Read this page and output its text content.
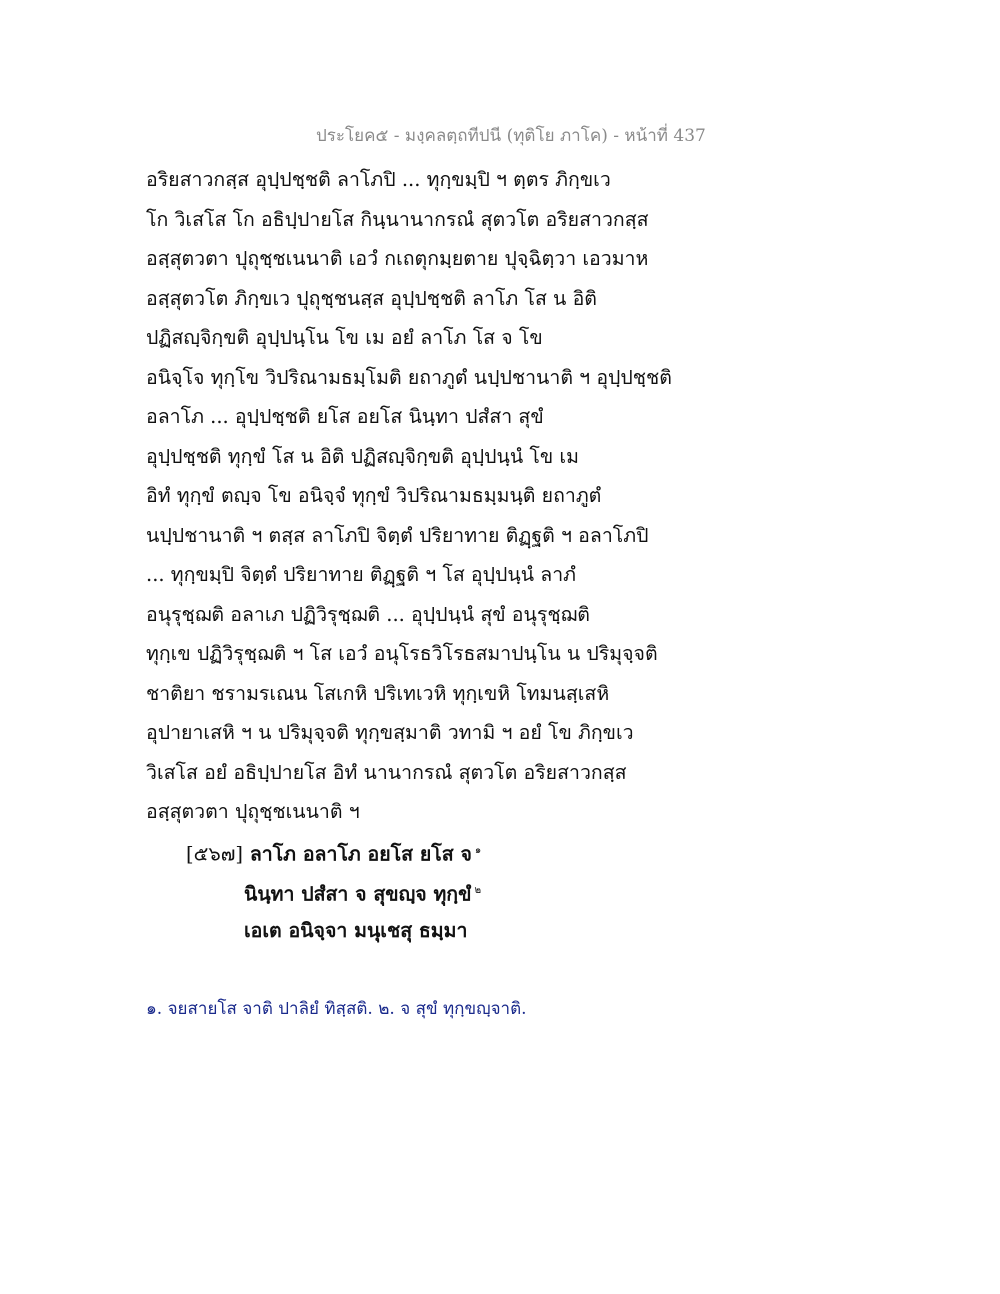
ประโยค๕ - มงฺคลตฺถทีปนี (ทุติโย ภาโค) - หน้าที่ 437
อริยสาวกสฺส อุปฺปชฺชติ ลาโภปิ ... ทุกฺขมฺปิ ฯ ตฺตร ภิกฺขเว
โก วิเสโส โก อธิปฺปายโส กินฺนานากรณํ สุตวโต อริยสาวกสฺส
อสฺสุตวตา ปุถุชฺชเนนาติ เอวํ กเถตุกมฺยตาย ปุจฺฉิตฺวา เอวมาห
อสฺสุตวโต ภิกฺขเว ปุถุชฺชนสฺส อุปฺปชฺชติ ลาโภ โส น อิติ
ปฏิสญฺจิกฺขติ อุปฺปนฺโน โข เม อยํ ลาโภ โส จ โข
อนิจฺโจ ทุกฺโข วิปริณามธมฺโมติ ยถาภูตํ นปฺปชานาติ ฯ อุปฺปชฺชติ
อลาโภ ... อุปฺปชฺชติ ยโส อยโส นินฺทา ปสํสา สุขํ
อุปฺปชฺชติ ทุกฺขํ โส น อิติ ปฏิสญฺจิกฺขติ อุปฺปนฺนํ โข เม
อิทํ ทุกฺขํ ตญฺจ โข อนิจฺจํ ทุกฺขํ วิปริณามธมฺมนฺติ ยถาภูตํ
นปฺปชานาติ ฯ ตสฺส ลาโภปิ จิตฺตํ ปริยาทาย ติฏฺฐติ ฯ อลาโภปิ
... ทุกฺขมฺปิ จิตฺตํ ปริยาทาย ติฏฺฐติ ฯ โส อุปฺปนฺนํ ลาภํ
อนุรุชฺฌติ อลาเภ ปฏิวิรุชฺฌติ ... อุปฺปนฺนํ สุขํ อนุรุชฺฌติ
ทุกฺเข ปฏิวิรุชฺฌติ ฯ โส เอวํ อนุโรธวิโรธสมาปนฺโน น ปริมุจฺจติ
ชาติยา ชรามรเณน โสเกหิ ปริเทเวหิ ทุกฺเขหิ โทมนสฺเสหิ
อุปายาเสหิ ฯ น ปริมุจฺจติ ทุกฺขสฺมาติ วทามิ ฯ อยํ โข ภิกฺขเว
วิเสโส อยํ อธิปฺปายโส อิทํ นานากรณํ สุตวโต อริยสาวกสฺส
อสฺสุตวตา ปุถุชฺชเนนาติ ฯ
[๕๖๗] ลาโภ อลาโภ อยโส ยโส จ $^๑$
นินฺทา ปสํสา จ สุขญฺจ ทุกฺขํ $^๒$
เอเต อนิจฺจา มนุเชสุ ธมฺมา
๑. จยสายโส จาติ ปาลิยํ ทิสฺสติ. ๒. จ สุขํ ทุกฺขญฺจาติ.
